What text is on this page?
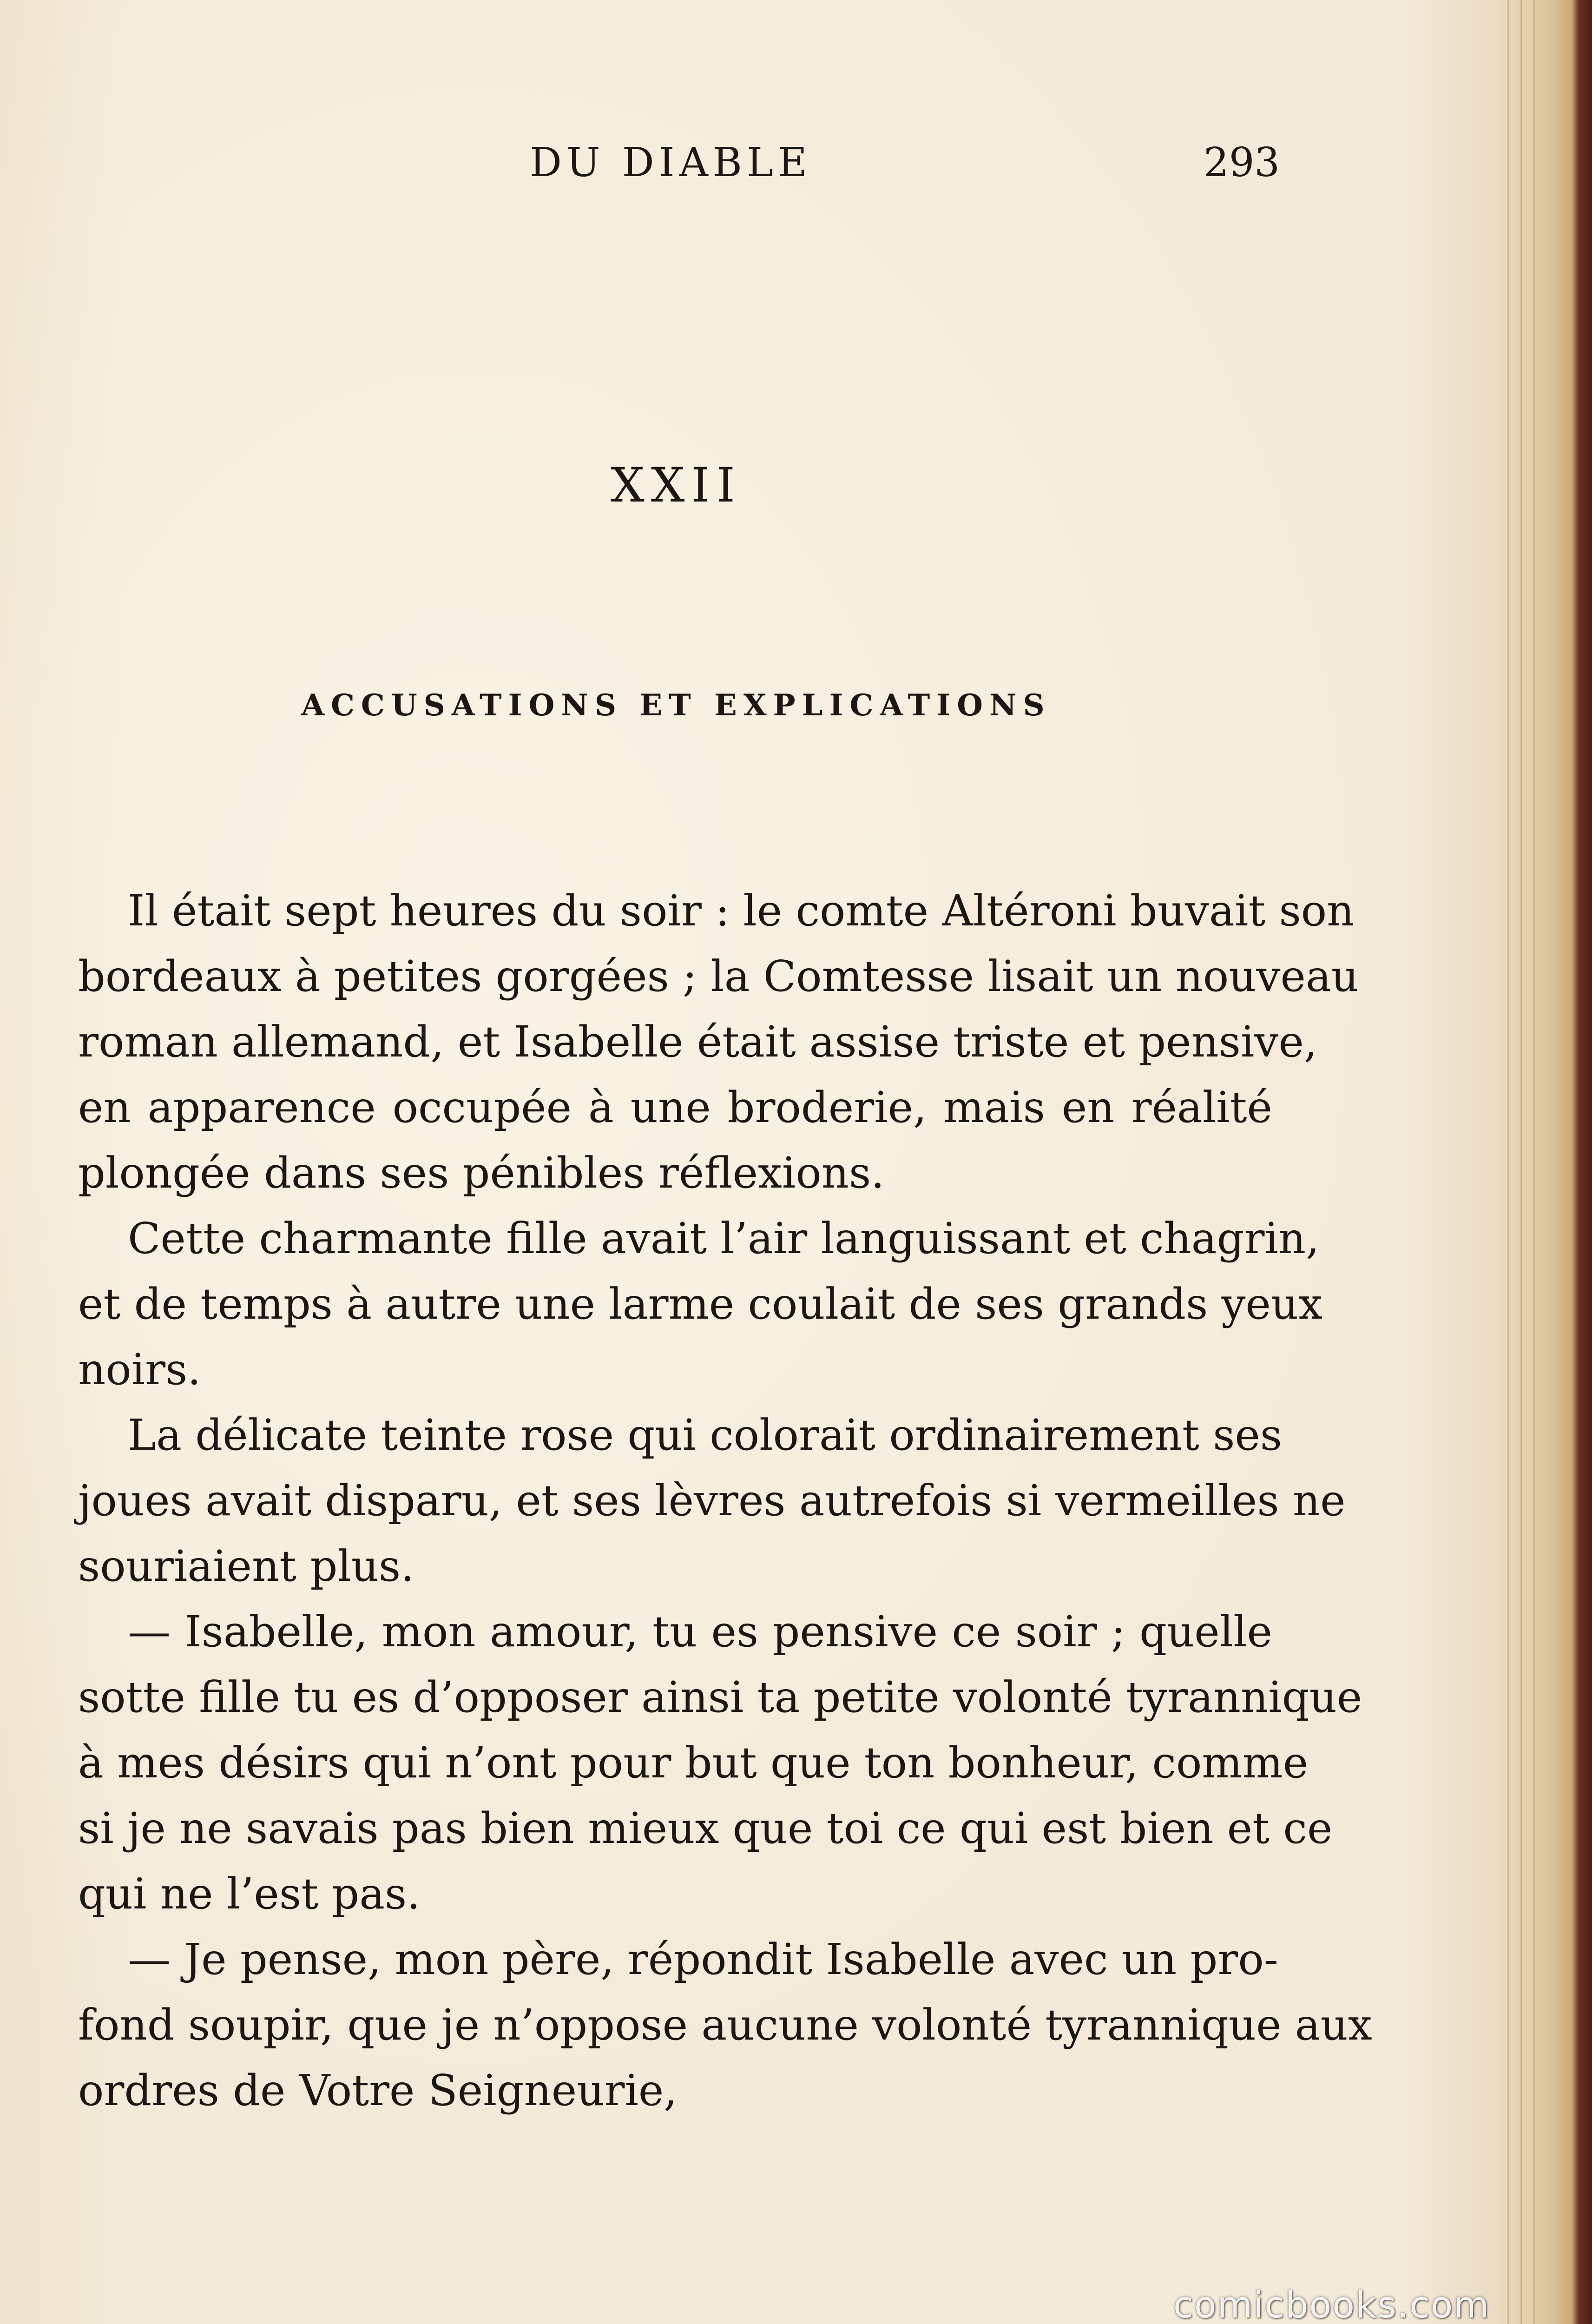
DU DIABLE	293
XXII
ACCUSATIONS ET EXPLICATIONS
Il était sept heures du soir : le comte Altéroni buvait son
bordeaux à petites gorgées ; la Comtesse lisait un nouveau
roman allemand, et Isabelle était assise triste et pensive,
en apparence occupée à une broderie, mais en réalité
plongée dans ses pénibles réflexions.
Cette charmante fille avait l’air languissant et chagrin,
et de temps à autre une larme coulait de ses grands yeux
noirs.
La délicate teinte rose qui colorait ordinairement ses
joues avait disparu, et ses lèvres autrefois si vermeilles ne
souriaient plus.
— Isabelle, mon amour, tu es pensive ce soir ; quelle
sotte fille tu es d’opposer ainsi ta petite volonté tyrannique
à mes désirs qui n’ont pour but que ton bonheur, comme
si je ne savais pas bien mieux que toi ce qui est bien et ce
qui ne l’est pas.
— Je pense, mon père, répondit Isabelle avec un pro-
fond soupir, que je n’oppose aucune volonté tyrannique aux
ordres de Votre Seigneurie,
comicbooks.com
